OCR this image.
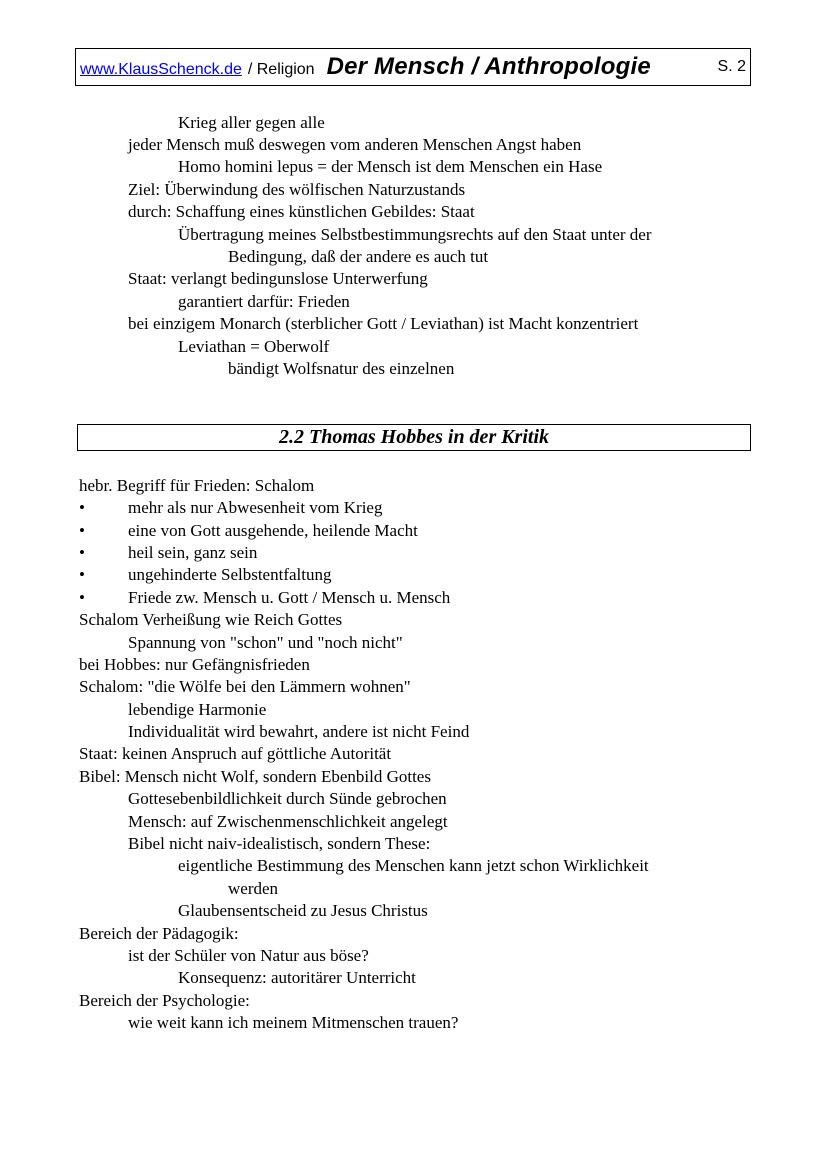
www.KlausSchenck.de / Religion Der Mensch / Anthropologie	S. 2
Krieg aller gegen alle
jeder Mensch muß deswegen vom anderen Menschen Angst haben
Homo homini lepus = der Mensch ist dem Menschen ein Hase
Ziel: Überwindung des wölfischen Naturzustands
durch: Schaffung eines künstlichen Gebildes: Staat
Übertragung meines Selbstbestimmungsrechts auf den Staat unter der
Bedingung, daß der andere es auch tut
Staat: verlangt bedingunslose Unterwerfung
garantiert darfür: Frieden
bei einzigem Monarch (sterblicher Gott / Leviathan) ist Macht konzentriert
Leviathan = Oberwolf
bändigt Wolfsnatur des einzelnen
2.2 Thomas Hobbes in der Kritik
hebr. Begriff für Frieden: Schalom
•	mehr als nur Abwesenheit vom Krieg
•	eine von Gott ausgehende, heilende Macht
•	heil sein, ganz sein
•	ungehinderte Selbstentfaltung
•	Friede zw. Mensch u. Gott / Mensch u. Mensch
Schalom Verheißung wie Reich Gottes
Spannung von "schon" und "noch nicht"
bei Hobbes: nur Gefängnisfrieden
Schalom: "die Wölfe bei den Lämmern wohnen"
lebendige Harmonie
Individualität wird bewahrt, andere ist nicht Feind
Staat: keinen Anspruch auf göttliche Autorität
Bibel: Mensch nicht Wolf, sondern Ebenbild Gottes
Gottesebenbildlichkeit durch Sünde gebrochen
Mensch: auf Zwischenmenschlichkeit angelegt
Bibel nicht naiv-idealistisch, sondern These:
eigentliche Bestimmung des Menschen kann jetzt schon Wirklichkeit
werden
Glaubensentscheid zu Jesus Christus
Bereich der Pädagogik:
ist der Schüler von Natur aus böse?
Konsequenz: autoritärer Unterricht
Bereich der Psychologie:
wie weit kann ich meinem Mitmenschen trauen?
